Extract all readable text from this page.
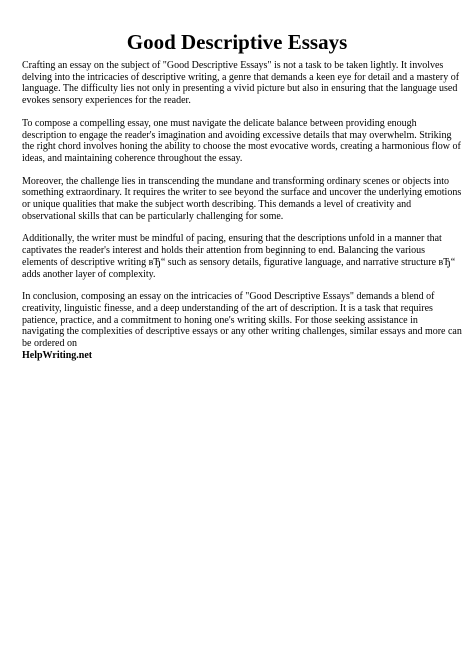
Good Descriptive Essays

Crafting an essay on the subject of "Good Descriptive Essays" is not a task to be taken lightly. It involves delving into the intricacies of descriptive writing, a genre that demands a keen eye for detail and a mastery of language. The difficulty lies not only in presenting a vivid picture but also in ensuring that the language used evokes sensory experiences for the reader.

To compose a compelling essay, one must navigate the delicate balance between providing enough description to engage the reader's imagination and avoiding excessive details that may overwhelm. Striking the right chord involves honing the ability to choose the most evocative words, creating a harmonious flow of ideas, and maintaining coherence throughout the essay.

Moreover, the challenge lies in transcending the mundane and transforming ordinary scenes or objects into something extraordinary. It requires the writer to see beyond the surface and uncover the underlying emotions or unique qualities that make the subject worth describing. This demands a level of creativity and observational skills that can be particularly challenging for some.

Additionally, the writer must be mindful of pacing, ensuring that the descriptions unfold in a manner that captivates the reader's interest and holds their attention from beginning to end. Balancing the various elements of descriptive writing вЂ“ such as sensory details, figurative language, and narrative structure вЂ“ adds another layer of complexity.

In conclusion, composing an essay on the intricacies of "Good Descriptive Essays" demands a blend of creativity, linguistic finesse, and a deep understanding of the art of description. It is a task that requires patience, practice, and a commitment to honing one's writing skills. For those seeking assistance in navigating the complexities of descriptive essays or any other writing challenges, similar essays and more can be ordered on
HelpWriting.net
